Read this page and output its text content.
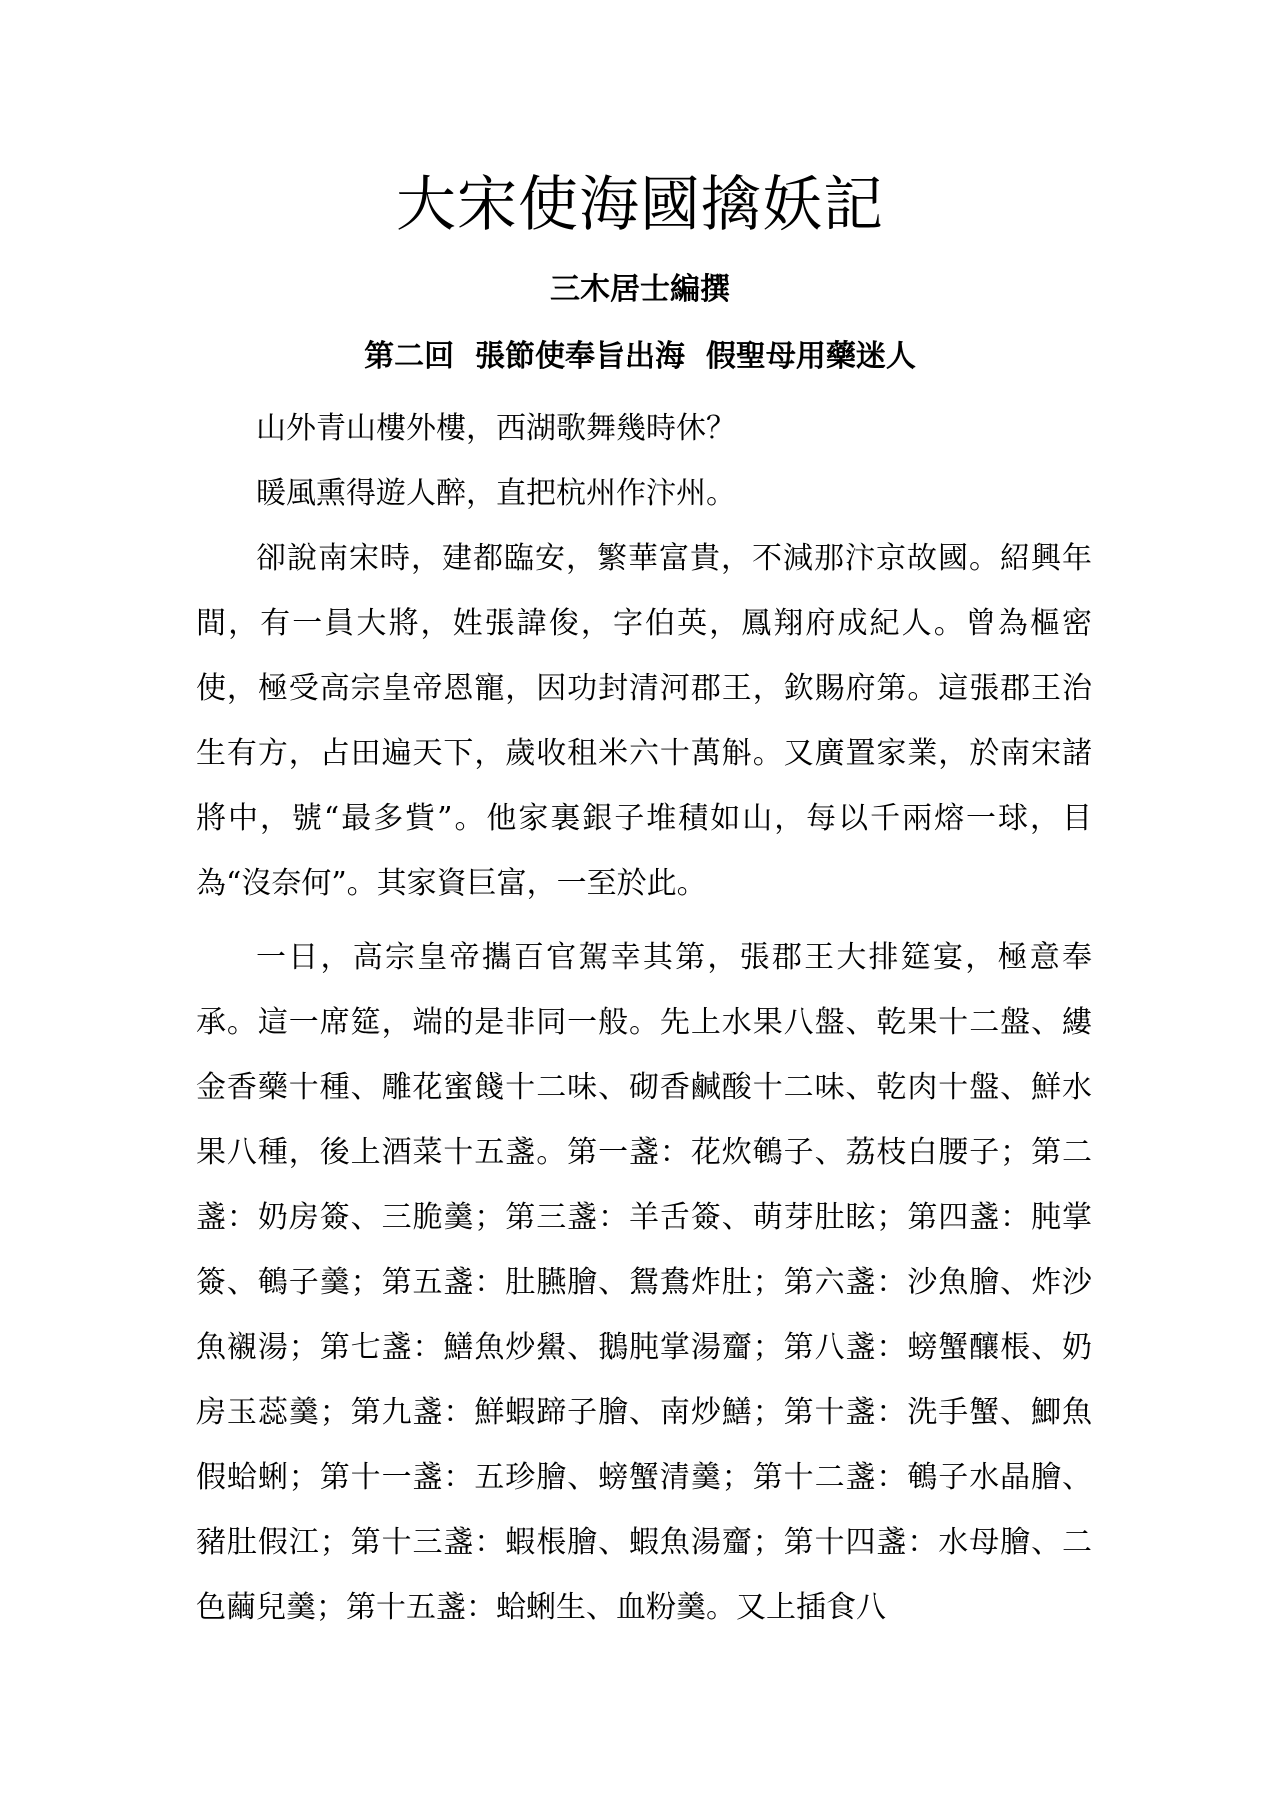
大宋使海國擒妖記
三木居士編撰
第二回  張節使奉旨出海  假聖母用藥迷人

山外青山樓外樓，西湖歌舞幾時休？

暖風熏得遊人醉，直把杭州作汴州。

卻說南宋時，建都臨安，繁華富貴，不減那汴京故國。紹興年間，有一員大將，姓張諱俊，字伯英，鳳翔府成紀人。曾為樞密使，極受高宗皇帝恩寵，因功封清河郡王，欽賜府第。這張郡王治生有方，占田遍天下，歲收租米六十萬斛。又廣置家業，於南宋諸將中，號“最多貲”。他家裏銀子堆積如山，每以千兩熔一球，目為“沒奈何”。其家資巨富，一至於此。

一日，高宗皇帝攜百官駕幸其第，張郡王大排筵宴，極意奉承。這一席筵，端的是非同一般。先上水果八盤、乾果十二盤、縷金香藥十種、雕花蜜餞十二味、砌香鹹酸十二味、乾肉十盤、鮮水果八種，後上酒菜十五盞。第一盞：花炊鵪子、荔枝白腰子；第二盞：奶房簽、三脆羹；第三盞：羊舌簽、萌芽肚眩；第四盞：肫掌簽、鵪子羹；第五盞：肚臙膾、鴛鴦炸肚；第六盞：沙魚膾、炸沙魚襯湯；第七盞：鱔魚炒鱟、鵝肫掌湯齏；第八盞：螃蟹釀棖、奶房玉蕊羹；第九盞：鮮蝦蹄子膾、南炒鱔；第十盞：洗手蟹、鯽魚假蛤蜊；第十一盞：五珍膾、螃蟹清羹；第十二盞：鵪子水晶膾、豬肚假江；第十三盞：蝦棖膾、蝦魚湯齏；第十四盞：水母膾、二色繭兒羹；第十五盞：蛤蜊生、血粉羹。又上插食八
